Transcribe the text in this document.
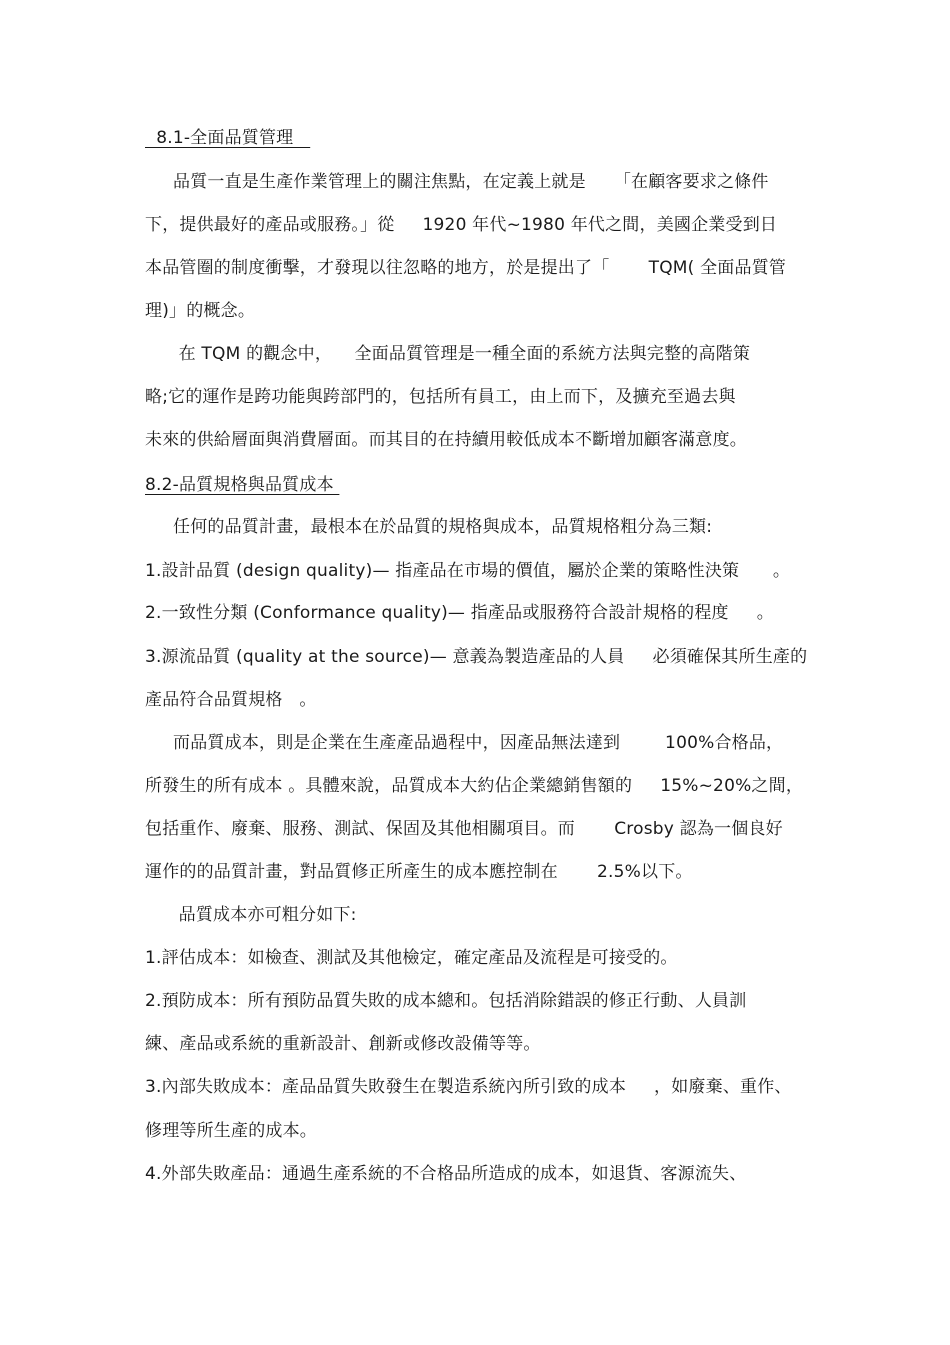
8.1-全面品質管理
品質一直是生產作業管理上的關注焦點，在定義上就是     「在顧客要求之條件
下，提供最好的產品或服務。」從     1920 年代~1980 年代之間，美國企業受到日
本品管圈的制度衝擊，才發現以往忽略的地方，於是提出了「       TQM( 全面品質管
理)」的概念。
在 TQM 的觀念中，    全面品質管理是一種全面的系統方法與完整的高階策
略;它的運作是跨功能與跨部門的，包括所有員工，由上而下，及擴充至過去與
未來的供給層面與消費層面。而其目的在持續用較低成本不斷增加顧客滿意度。
8.2-品質規格與品質成本
任何的品質計畫，最根本在於品質的規格與成本，品質規格粗分為三類:
1.設計品質 (design quality)— 指產品在市場的價值，屬於企業的策略性決策      。
2.一致性分類 (Conformance quality)— 指產品或服務符合設計規格的程度     。
3.源流品質 (quality at the source)— 意義為製造產品的人員     必須確保其所生產的
產品符合品質規格   。
而品質成本，則是企業在生產產品過程中，因產品無法達到        100%合格品，
所發生的所有成本 。具體來說，品質成本大約佔企業總銷售額的     15%~20%之間，
包括重作、廢棄、服務、測試、保固及其他相關項目。而       Crosby 認為一個良好
運作的的品質計畫，對品質修正所產生的成本應控制在       2.5%以下。
品質成本亦可粗分如下:
1.評估成本：如檢查、測試及其他檢定，確定產品及流程是可接受的。
2.預防成本：所有預防品質失敗的成本總和。包括消除錯誤的修正行動、人員訓
練、產品或系統的重新設計、創新或修改設備等等。
3.內部失敗成本：產品品質失敗發生在製造系統內所引致的成本     ，如廢棄、重作、
修理等所生產的成本。
4.外部失敗產品：通過生產系統的不合格品所造成的成本，如退貨、客源流失、
